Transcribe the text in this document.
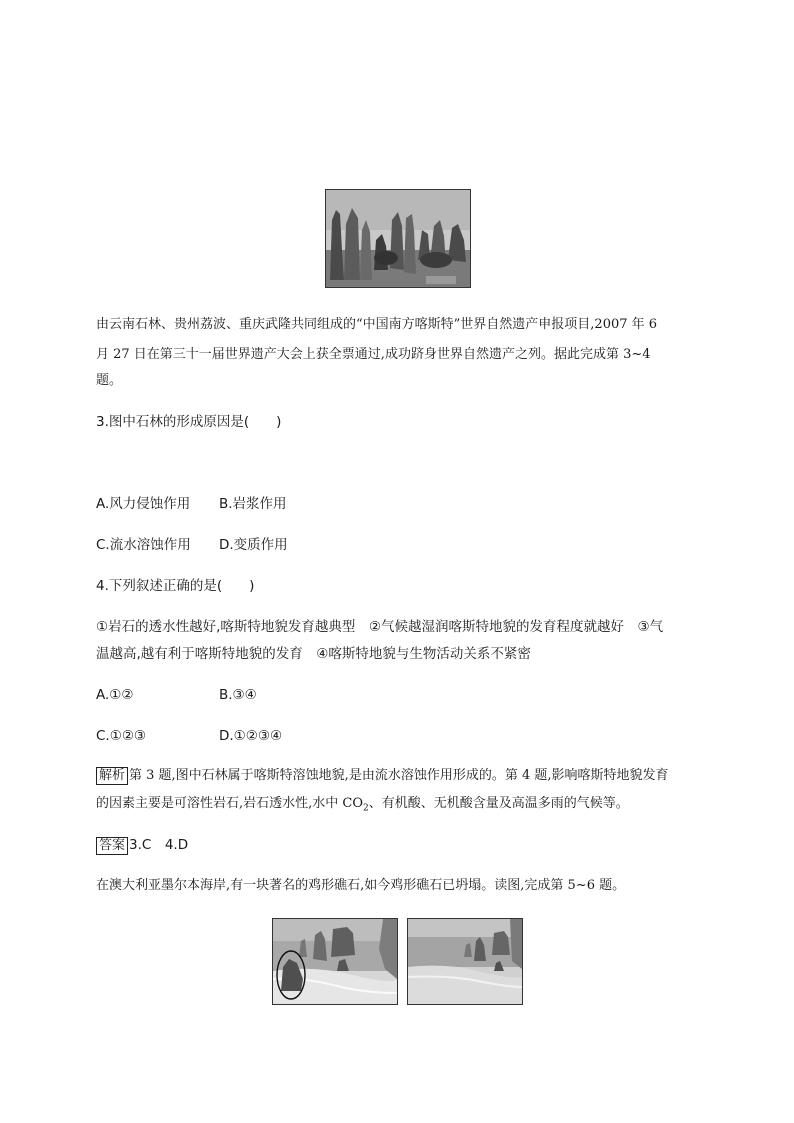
由云南石林、贵州荔波、重庆武隆共同组成的“中国南方喀斯特”世界自然遗产申报项目,2007 年 6
月 27 日在第三十一届世界遗产大会上获全票通过,成功跻身世界自然遗产之列。据此完成第 3~4
题。
3.图中石林的形成原因是(　　)
A.风力侵蚀作用 B.岩浆作用
C.流水溶蚀作用 D.变质作用
4.下列叙述正确的是(　　)
①岩石的透水性越好,喀斯特地貌发育越典型　②气候越湿润喀斯特地貌的发育程度就越好　③气
温越高,越有利于喀斯特地貌的发育　④喀斯特地貌与生物活动关系不紧密
A.①②	B.③④
C.①②③	D.①②③④
解析 第 3 题,图中石林属于喀斯特溶蚀地貌,是由流水溶蚀作用形成的。第 4 题,影响喀斯特地貌发育
的因素主要是可溶性岩石,岩石透水性,水中 $CO_2$、有机酸、无机酸含量及高温多雨的气候等。
答案 3.C　4.D
在澳大利亚墨尔本海岸,有一块著名的鸡形礁石,如今鸡形礁石已坍塌。读图,完成第 5~6 题。
